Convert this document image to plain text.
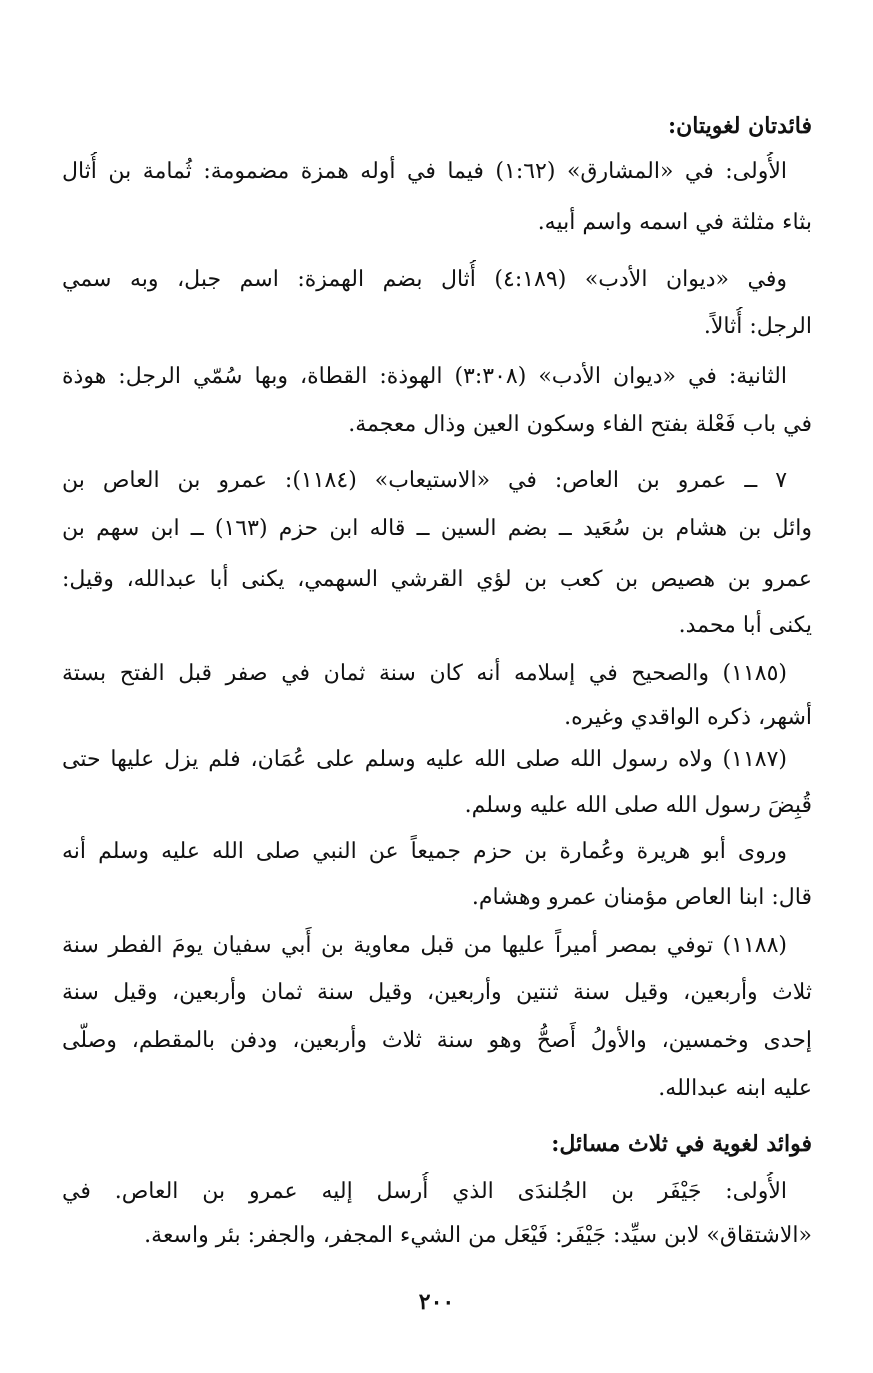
فائدتان لغويتان:
الأُولى: في «المشارق» (١:٦٢) فيما في أوله همزة مضمومة: ثُمامة بن أُثال
بثاء مثلثة في اسمه واسم أبيه.
وفي «ديوان الأدب» (٤:١٨٩) أُثال بضم الهمزة: اسم جبل، وبه سمي
الرجل: أُثالاً.
الثانية: في «ديوان الأدب» (٣:٣٠٨) الهوذة: القطاة، وبها سُمّي الرجل: هوذة
في باب فَعْلة بفتح الفاء وسكون العين وذال معجمة.
٧ ــ عمرو بن العاص: في «الاستيعاب» (١١٨٤): عمرو بن العاص بن
وائل بن هشام بن سُعَيد ــ بضم السين ــ قاله ابن حزم (١٦٣) ــ ابن سهم بن
عمرو بن هصيص بن كعب بن لؤي القرشي السهمي، يكنى أبا عبدالله، وقيل:
يكنى أبا محمد.
(١١٨٥) والصحيح في إسلامه أنه كان سنة ثمان في صفر قبل الفتح بستة
أشهر، ذكره الواقدي وغيره.
(١١٨٧) ولاه رسول الله صلى الله عليه وسلم على عُمَان، فلم يزل عليها حتى
قُبِضَ رسول الله صلى الله عليه وسلم.
وروى أبو هريرة وعُمارة بن حزم جميعاً عن النبي صلى الله عليه وسلم أنه
قال: ابنا العاص مؤمنان عمرو وهشام.
(١١٨٨) توفي بمصر أميراً عليها من قبل معاوية بن أَبي سفيان يومَ الفطر سنة
ثلاث وأربعين، وقيل سنة ثنتين وأربعين، وقيل سنة ثمان وأربعين، وقيل سنة
إحدى وخمسين، والأولُ أَصحُّ وهو سنة ثلاث وأربعين، ودفن بالمقطم، وصلّى
عليه ابنه عبدالله.
فوائد لغوية في ثلاث مسائل:
الأُولى: جَيْفَر بن الجُلندَى الذي أُرسل إليه عمرو بن العاص. في
«الاشتقاق» لابن سيِّد: جَيْفَر: فَيْعَل من الشيء المجفر، والجفر: بئر واسعة.
٢٠٠
